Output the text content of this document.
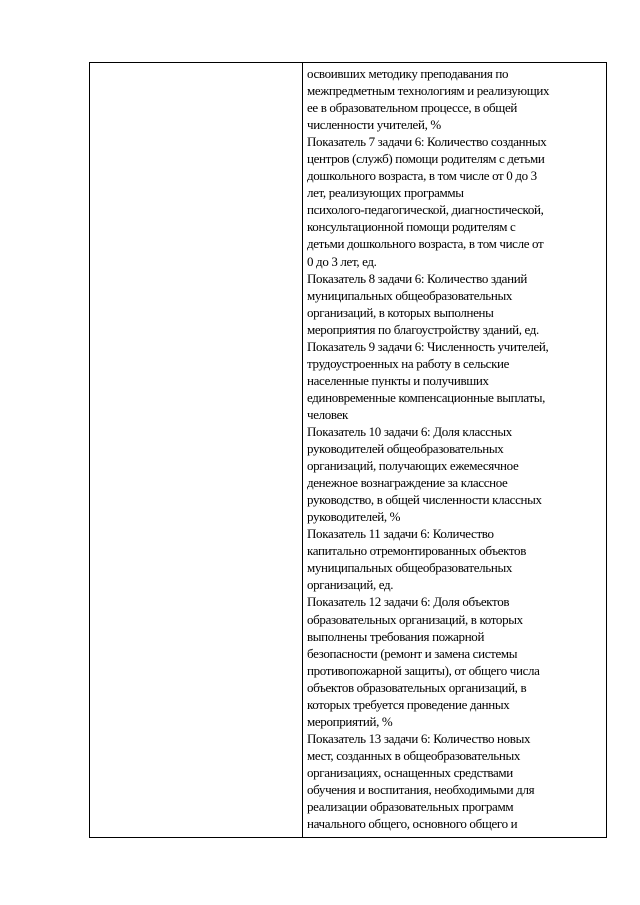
освоивших методику преподавания по
межпредметным технологиям и реализующих
ее в образовательном процессе, в общей
численности учителей, %
Показатель 7 задачи 6: Количество созданных
центров (служб) помощи родителям с детьми
дошкольного возраста, в том числе от 0 до 3
лет, реализующих программы
психолого-педагогической, диагностической,
консультационной помощи родителям с
детьми дошкольного возраста, в том числе от
0 до 3 лет, ед.
Показатель 8 задачи 6: Количество зданий
муниципальных общеобразовательных
организаций, в которых выполнены
мероприятия по благоустройству зданий, ед.
Показатель 9 задачи 6: Численность учителей,
трудоустроенных на работу в сельские
населенные пункты и получивших
единовременные компенсационные выплаты,
человек
Показатель 10 задачи 6: Доля классных
руководителей общеобразовательных
организаций, получающих ежемесячное
денежное вознаграждение за классное
руководство, в общей численности классных
руководителей, %
Показатель 11 задачи 6: Количество
капитально отремонтированных объектов
муниципальных общеобразовательных
организаций, ед.
Показатель 12 задачи 6: Доля объектов
образовательных организаций, в которых
выполнены требования пожарной
безопасности (ремонт и замена системы
противопожарной защиты), от общего числа
объектов образовательных организаций, в
которых требуется проведение данных
мероприятий, %
Показатель 13 задачи 6: Количество новых
мест, созданных в общеобразовательных
организациях, оснащенных средствами
обучения и воспитания, необходимыми для
реализации образовательных программ
начального общего, основного общего и
